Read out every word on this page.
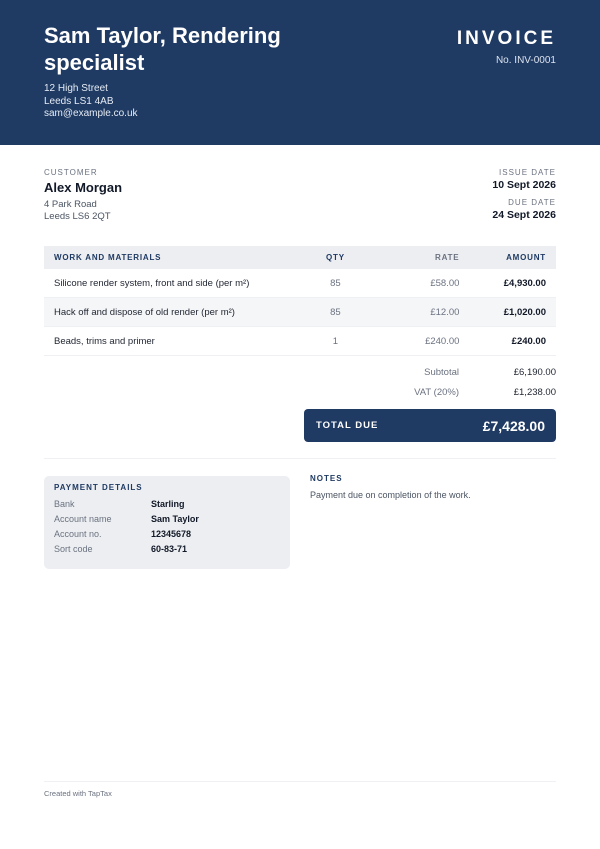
Sam Taylor, Rendering specialist
12 High Street
Leeds LS1 4AB
sam@example.co.uk
INVOICE
No. INV-0001
CUSTOMER
Alex Morgan
4 Park Road
Leeds LS6 2QT
ISSUE DATE
10 Sept 2026
DUE DATE
24 Sept 2026
WORK AND MATERIALS	QTY	RATE	AMOUNT
Silicone render system, front and side (per m²)	85	£58.00	£4,930.00
Hack off and dispose of old render (per m²)	85	£12.00	£1,020.00
Beads, trims and primer	1	£240.00	£240.00
Subtotal	£6,190.00
VAT (20%)	£1,238.00
TOTAL DUE	£7,428.00
PAYMENT DETAILS
Bank	Starling
Account name	Sam Taylor
Account no.	12345678
Sort code	60-83-71
NOTES
Payment due on completion of the work.
Created with TapTax
